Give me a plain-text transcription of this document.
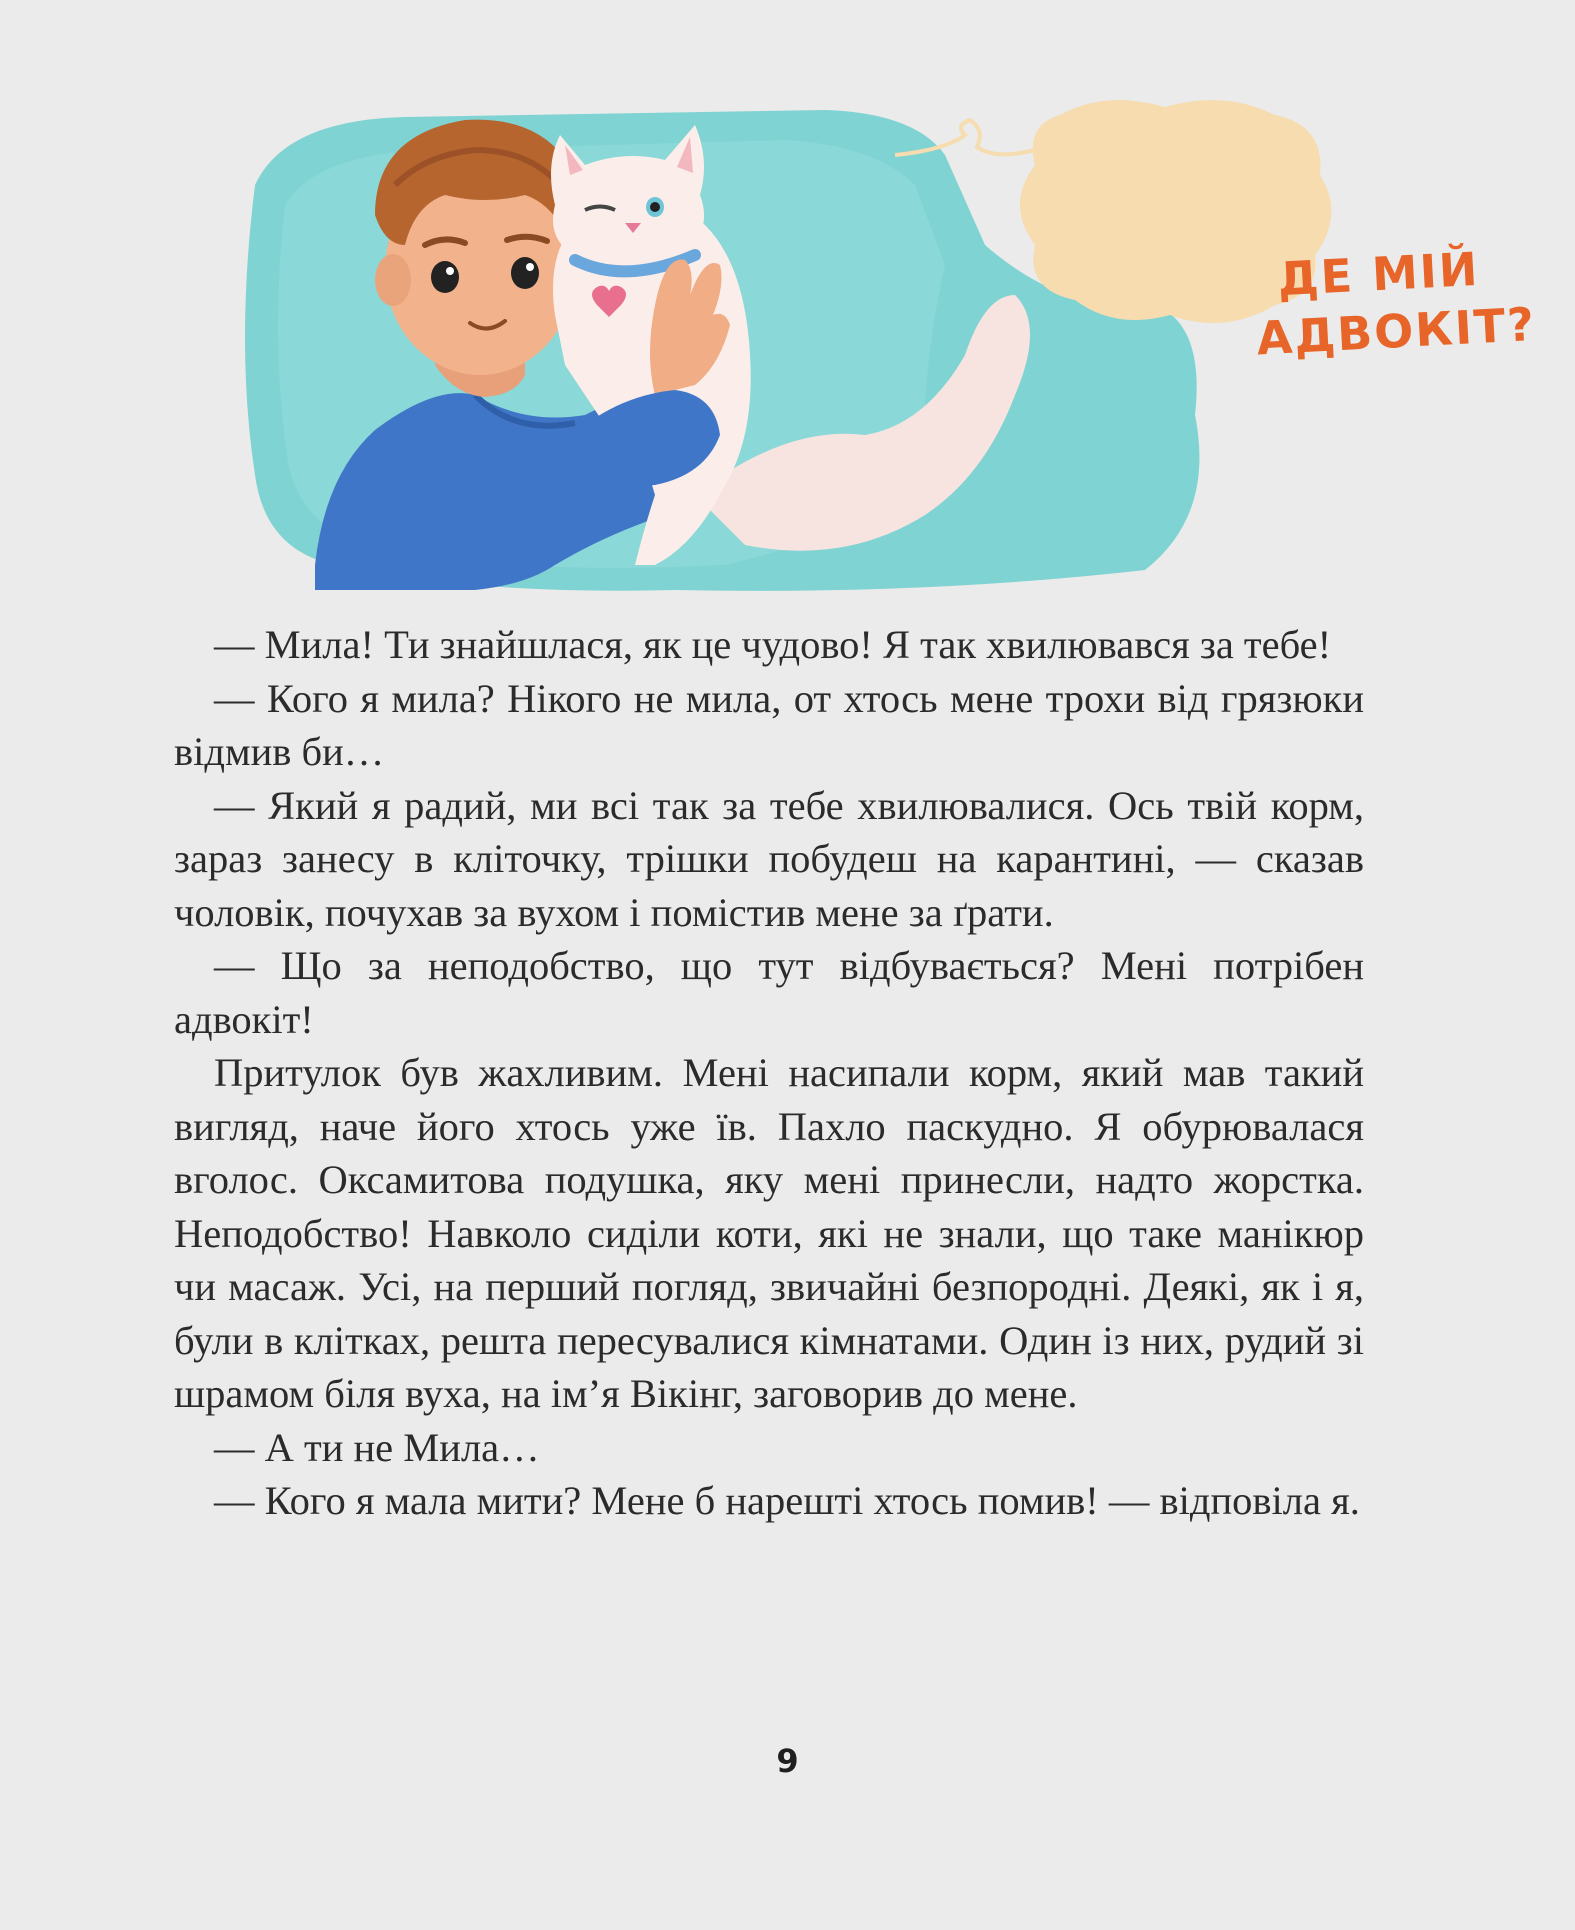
ДЕ МІЙ
АДВОКІТ?

— Мила! Ти знайшлася, як це чудово! Я так хвилювався за тебе!

— Кого я мила? Нікого не мила, от хтось мене трохи від грязюки відмив би…

— Який я радий, ми всі так за тебе хвилювалися. Ось твій корм, зараз занесу в кліточку, трішки побудеш на карантині, — сказав чоловік, почухав за вухом і помістив мене за ґрати.

— Що за неподобство, що тут відбувається? Мені потрібен адвокіт!

Притулок був жахливим. Мені насипали корм, який мав такий вигляд, наче його хтось уже їв. Пахло паскудно. Я обурювалася вголос. Оксамитова подушка, яку мені принесли, надто жорстка. Неподобство! Навколо сиділи коти, які не знали, що таке манікюр чи масаж. Усі, на перший погляд, звичайні безпородні. Деякі, як і я, були в клітках, решта пересувалися кімнатами. Один із них, рудий зі шрамом біля вуха, на ім’я Вікінг, заговорив до мене.

— А ти не Мила…

— Кого я мала мити? Мене б нарешті хтось помив! — відповіла я.

9
